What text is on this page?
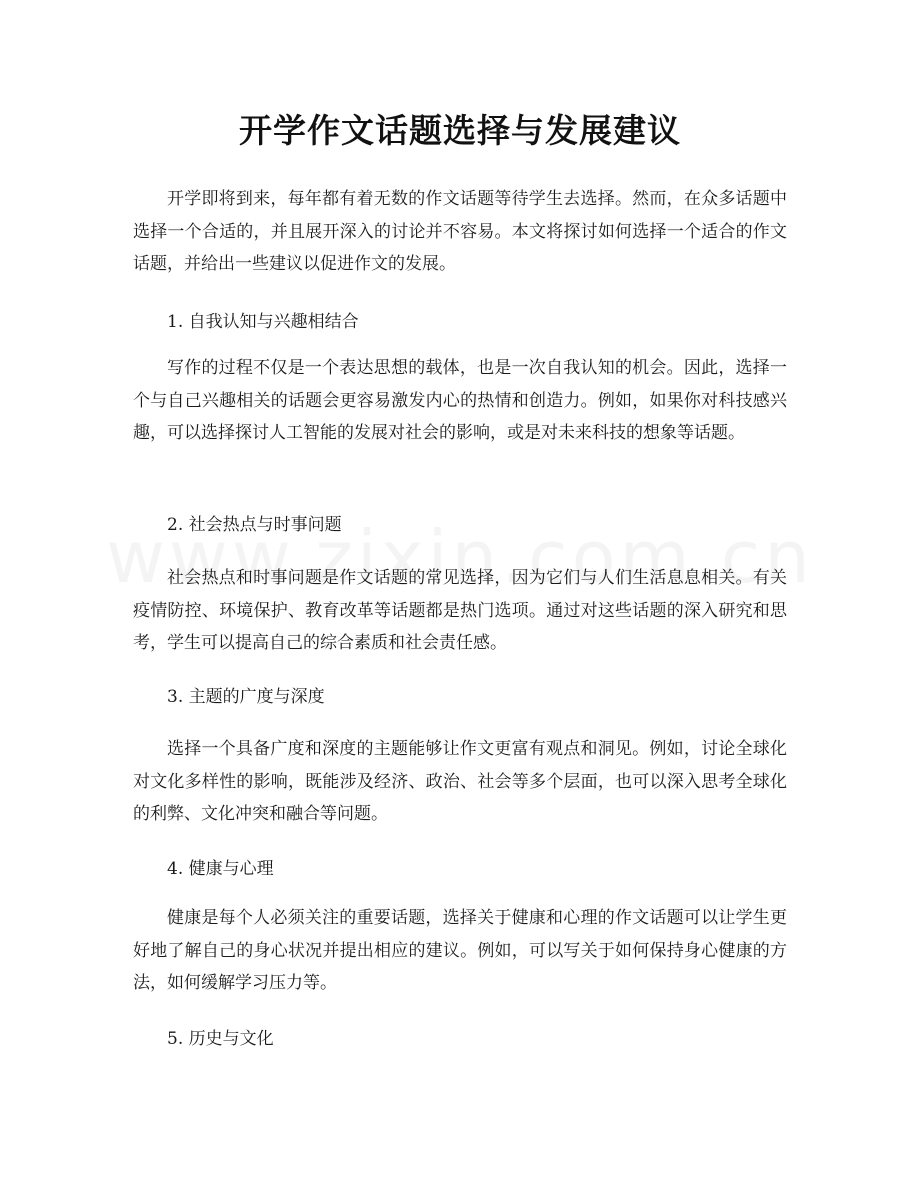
开学作文话题选择与发展建议

开学即将到来，每年都有着无数的作文话题等待学生去选择。然而，在众多话题中选择一个合适的，并且展开深入的讨论并不容易。本文将探讨如何选择一个适合的作文话题，并给出一些建议以促进作文的发展。

1. 自我认知与兴趣相结合

写作的过程不仅是一个表达思想的载体，也是一次自我认知的机会。因此，选择一个与自己兴趣相关的话题会更容易激发内心的热情和创造力。例如，如果你对科技感兴趣，可以选择探讨人工智能的发展对社会的影响，或是对未来科技的想象等话题。

2. 社会热点与时事问题

社会热点和时事问题是作文话题的常见选择，因为它们与人们生活息息相关。有关疫情防控、环境保护、教育改革等话题都是热门选项。通过对这些话题的深入研究和思考，学生可以提高自己的综合素质和社会责任感。

3. 主题的广度与深度

选择一个具备广度和深度的主题能够让作文更富有观点和洞见。例如，讨论全球化对文化多样性的影响，既能涉及经济、政治、社会等多个层面，也可以深入思考全球化的利弊、文化冲突和融合等问题。

4. 健康与心理

健康是每个人必须关注的重要话题，选择关于健康和心理的作文话题可以让学生更好地了解自己的身心状况并提出相应的建议。例如，可以写关于如何保持身心健康的方法，如何缓解学习压力等。

5. 历史与文化
